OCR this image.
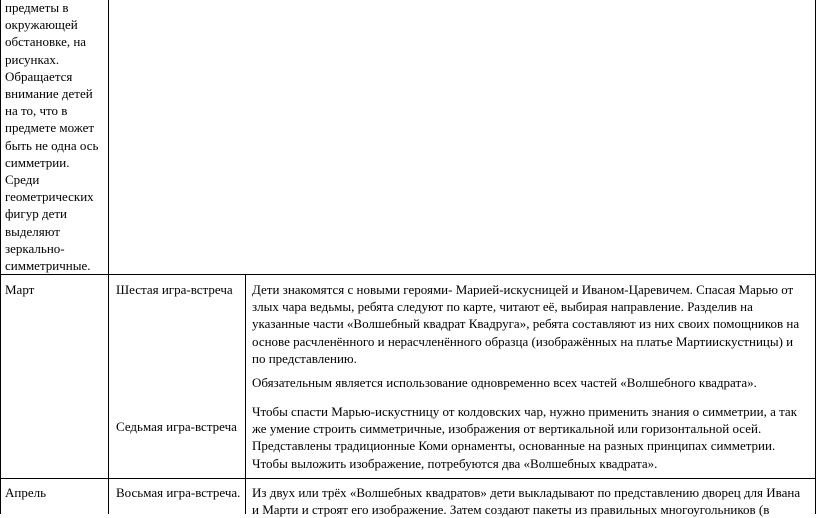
предметы в
окружающей
обстановке, на
рисунках.
Обращается
внимание детей
на то, что в
предмете может
быть не одна ось
симметрии.
Среди
геометрических
фигур дети
выделяют
зеркально-
симметричные.
Март	Шестая игра-встреча
Седьмая игра-встреча
Дети знакомятся с новыми героями- Марией-искусницей и Иваном-Царевичем. Спасая Марью от
злых чара ведьмы, ребята следуют по карте, читают её, выбирая направление. Разделив на
указанные части «Волшебный квадрат Квадруга», ребята составляют из них своих помощников на
основе расчленённого и нерасчленённого образца (изображённых на платье Мартиискустницы) и
по представлению.
Обязательным является использование одновременно всех частей «Волшебного квадрата».
Чтобы спасти Марью-искустницу от колдовских чар, нужно применить знания о симметрии, а так
же умение строить симметричные, изображения от вертикальной или горизонтальной осей.
Представлены традиционные Коми орнаменты, основанные на разных принципах симметрии.
Чтобы выложить изображение, потребуются два «Волшебных квадрата».
Апрель	Восьмая игра-встреча. Из двух или трёх «Волшебных квадратов» дети выкладывают по представлению дворец для Ивана
и Марти и строят его изображение. Затем создают пакеты из правильных многоугольников (в
